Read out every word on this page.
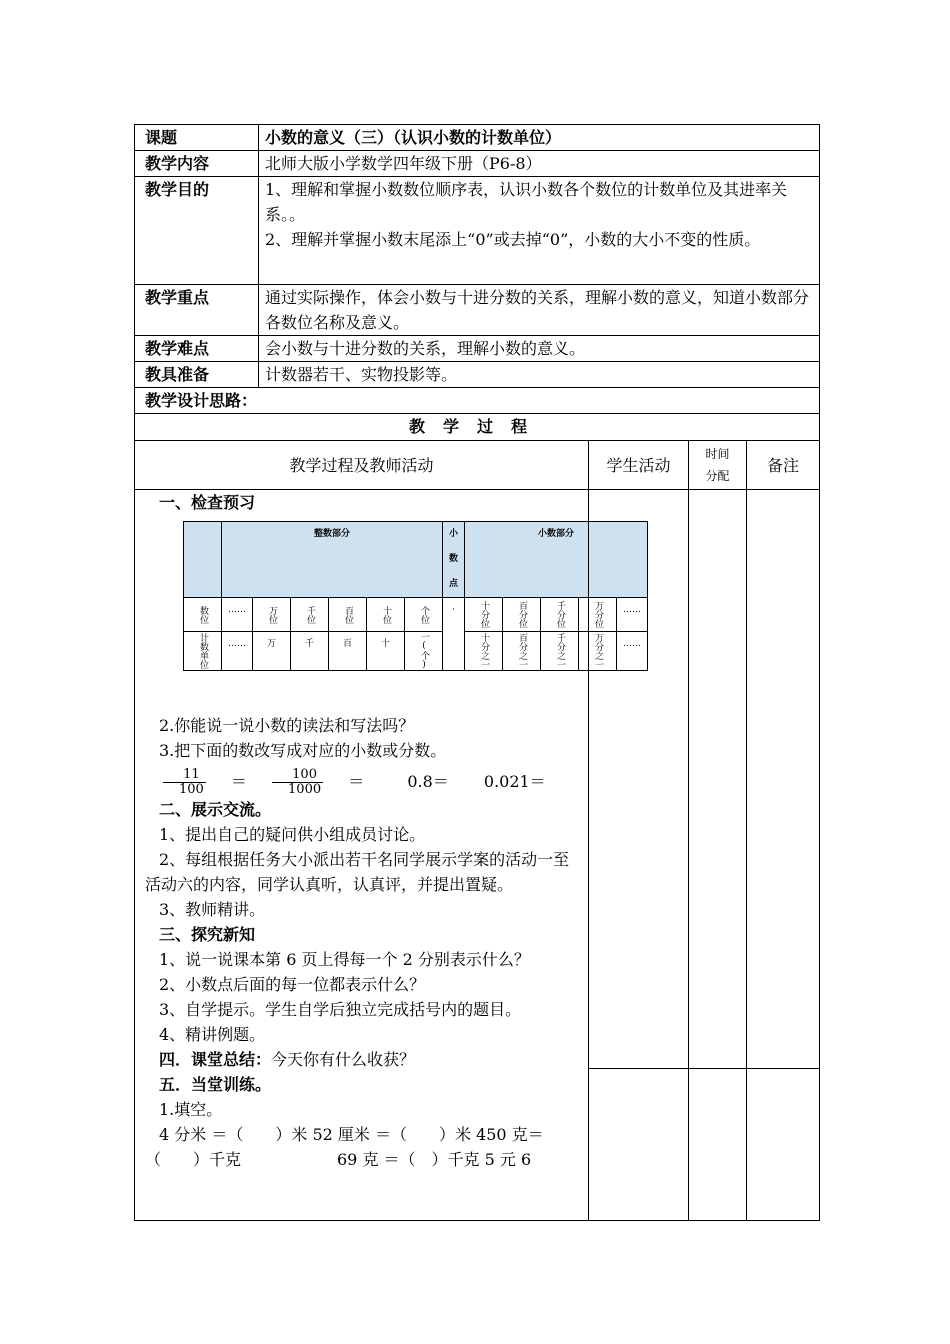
课题	小数的意义（三）（认识小数的计数单位）
教学内容	北师大版小学数学四年级下册（P6-8）
教学目的	1、理解和掌握小数数位顺序表，认识小数各个数位的计数单位及其进率关系。。
2、理解并掌握小数末尾添上“0”或去掉“0”，小数的大小不变的性质。

教学重点	通过实际操作，体会小数与十进分数的关系，理解小数的意义，知道小数部分各数位名称及意义。
教学难点	会小数与十进分数的关系，理解小数的意义。
教具准备	计数器若干、实物投影等。
教学设计思路：
教学过程
教学过程及教师活动	学生活动	
时间
分配
	备注

一、检查预习
	整数部分	小数点	小数部分
数位	……	万位	千位	百位	十位	个位	·	十分位	百分位	千分位	万分位	……
计数单位	……	万	千	百	十	一(个)	十分之一	百分之一	千分之一	万分之一	……
2.你能说一说小数的读法和写法吗？
3.把下面的数改写成对应的小数或分数。
$\frac{11}{100} = \frac{100}{1000}$ ＝	0.8＝ 0.021＝
二、展示交流。
1、提出自己的疑问供小组成员讨论。
2、每组根据任务大小派出若干名同学展示学案的活动一至活动六的内容，同学认真听，认真评，并提出置疑。
3、教师精讲。
三、探究新知
1、说一说课本第 6 页上得每一个 2 分别表示什么？
2、小数点后面的每一位都表示什么？
3、自学提示。学生自学后独立完成括号内的题目。
4、精讲例题。
四．课堂总结：今天你有什么收获？
五．当堂训练。
1.填空。
4 分米 ＝（　　）米 52 厘米 ＝（　　）米 450 克＝（　　）千克　　　　　　69 克 ＝（　）千克 5 元 6
